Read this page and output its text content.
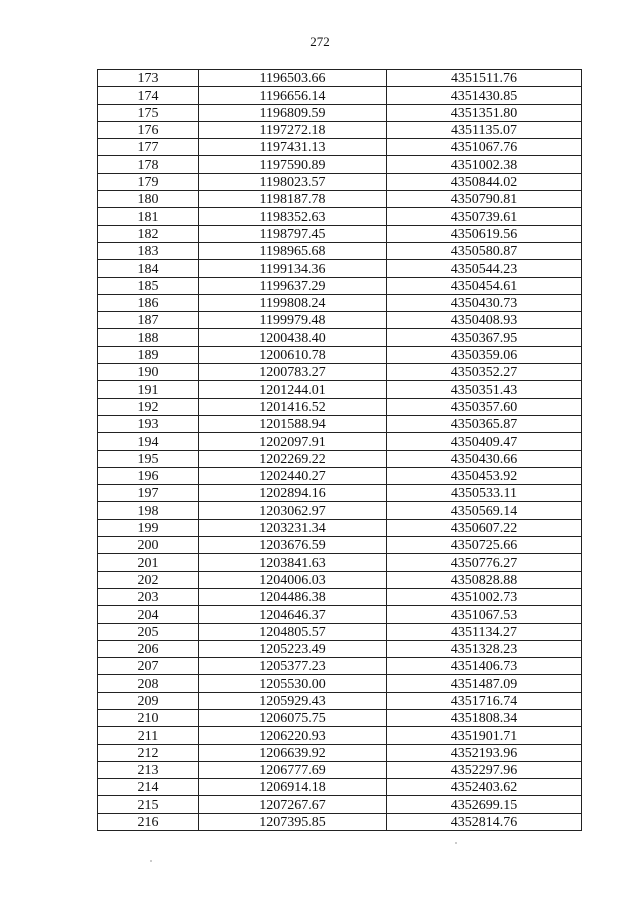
272
173	1196503.66	4351511.76
174	1196656.14	4351430.85
175	1196809.59	4351351.80
176	1197272.18	4351135.07
177	1197431.13	4351067.76
178	1197590.89	4351002.38
179	1198023.57	4350844.02
180	1198187.78	4350790.81
181	1198352.63	4350739.61
182	1198797.45	4350619.56
183	1198965.68	4350580.87
184	1199134.36	4350544.23
185	1199637.29	4350454.61
186	1199808.24	4350430.73
187	1199979.48	4350408.93
188	1200438.40	4350367.95
189	1200610.78	4350359.06
190	1200783.27	4350352.27
191	1201244.01	4350351.43
192	1201416.52	4350357.60
193	1201588.94	4350365.87
194	1202097.91	4350409.47
195	1202269.22	4350430.66
196	1202440.27	4350453.92
197	1202894.16	4350533.11
198	1203062.97	4350569.14
199	1203231.34	4350607.22
200	1203676.59	4350725.66
201	1203841.63	4350776.27
202	1204006.03	4350828.88
203	1204486.38	4351002.73
204	1204646.37	4351067.53
205	1204805.57	4351134.27
206	1205223.49	4351328.23
207	1205377.23	4351406.73
208	1205530.00	4351487.09
209	1205929.43	4351716.74
210	1206075.75	4351808.34
211	1206220.93	4351901.71
212	1206639.92	4352193.96
213	1206777.69	4352297.96
214	1206914.18	4352403.62
215	1207267.67	4352699.15
216	1207395.85	4352814.76
